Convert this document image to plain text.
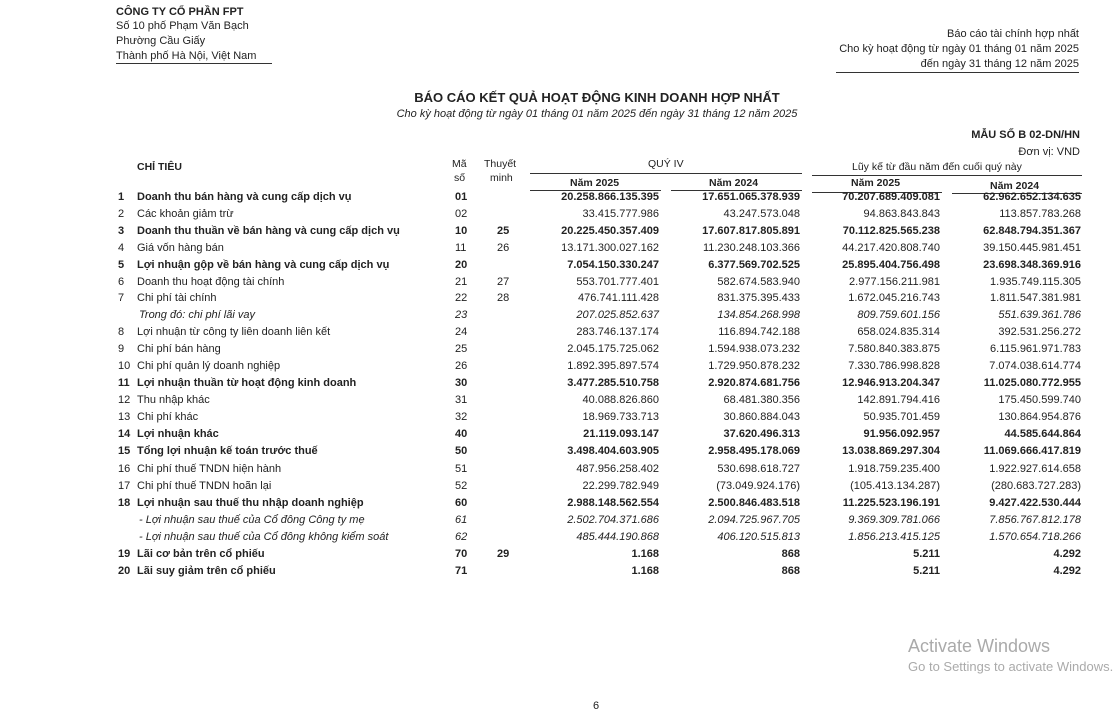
CÔNG TY CỔ PHẦN FPT
Số 10 phố Phạm Văn Bạch
Phường Cầu Giấy
Thành phố Hà Nội, Việt Nam
Báo cáo tài chính hợp nhất
Cho kỳ hoạt động từ ngày 01 tháng 01 năm 2025
đến ngày 31 tháng 12 năm 2025
BÁO CÁO KẾT QUẢ HOẠT ĐỘNG KINH DOANH HỢP NHẤT
Cho kỳ hoạt động từ ngày 01 tháng 01 năm 2025 đến ngày 31 tháng 12 năm 2025
MẪU SỐ B 02-DN/HN
Đơn vị: VND
CHỈ TIÊU	Mã
số
Thuyết
minh
QUÝ IV	Lũy kế từ đầu năm đến cuối quý này
Năm 2025	Năm 2024	Năm 2025	Năm 2024
1 Doanh thu bán hàng và cung cấp dịch vụ	01	20.258.866.135.395	17.651.065.378.939	70.207.689.409.081	62.962.652.134.635
2 Các khoản giảm trừ	02	33.415.777.986	43.247.573.048	94.863.843.843	113.857.783.268
3 Doanh thu thuần về bán hàng và cung cấp dịch vụ	10	25	20.225.450.357.409	17.607.817.805.891	70.112.825.565.238	62.848.794.351.367
4 Giá vốn hàng bán	11	26	13.171.300.027.162	11.230.248.103.366	44.217.420.808.740	39.150.445.981.451
5 Lợi nhuận gộp về bán hàng và cung cấp dịch vụ	20	7.054.150.330.247	6.377.569.702.525	25.895.404.756.498	23.698.348.369.916
6 Doanh thu hoạt động tài chính	21	27	553.701.777.401	582.674.583.940	2.977.156.211.981	1.935.749.115.305
7 Chi phí tài chính	22	28	476.741.111.428	831.375.395.433	1.672.045.216.743	1.811.547.381.981
Trong đó: chi phí lãi vay	23	207.025.852.637	134.854.268.998	809.759.601.156	551.639.361.786
8 Lợi nhuận từ công ty liên doanh liên kết	24	283.746.137.174	116.894.742.188	658.024.835.314	392.531.256.272
9 Chi phí bán hàng	25	2.045.175.725.062	1.594.938.073.232	7.580.840.383.875	6.115.961.971.783
10 Chi phí quản lý doanh nghiệp	26	1.892.395.897.574	1.729.950.878.232	7.330.786.998.828	7.074.038.614.774
11 Lợi nhuận thuần từ hoạt động kinh doanh	30	3.477.285.510.758	2.920.874.681.756	12.946.913.204.347	11.025.080.772.955
12 Thu nhập khác	31	40.088.826.860	68.481.380.356	142.891.794.416	175.450.599.740
13 Chi phí khác	32	18.969.733.713	30.860.884.043	50.935.701.459	130.864.954.876
14 Lợi nhuận khác	40	21.119.093.147	37.620.496.313	91.956.092.957	44.585.644.864
15 Tổng lợi nhuận kế toán trước thuế	50	3.498.404.603.905	2.958.495.178.069	13.038.869.297.304	11.069.666.417.819
16 Chi phí thuế TNDN hiện hành	51	487.956.258.402	530.698.618.727	1.918.759.235.400	1.922.927.614.658
17 Chi phí thuế TNDN hoãn lại	52	22.299.782.949	(73.049.924.176)	(105.413.134.287)	(280.683.727.283)
18 Lợi nhuận sau thuế thu nhập doanh nghiệp	60	2.988.148.562.554	2.500.846.483.518	11.225.523.196.191	9.427.422.530.444
- Lợi nhuận sau thuế của Cổ đông Công ty mẹ	61	2.502.704.371.686	2.094.725.967.705	9.369.309.781.066	7.856.767.812.178
- Lợi nhuận sau thuế của Cổ đông không kiểm soát	62	485.444.190.868	406.120.515.813	1.856.213.415.125	1.570.654.718.266
19 Lãi cơ bản trên cổ phiếu	70	29	1.168	868	5.211	4.292
20 Lãi suy giảm trên cổ phiếu	71	1.168	868	5.211	4.292
Activate Windows
Go to Settings to activate Windows.
6
